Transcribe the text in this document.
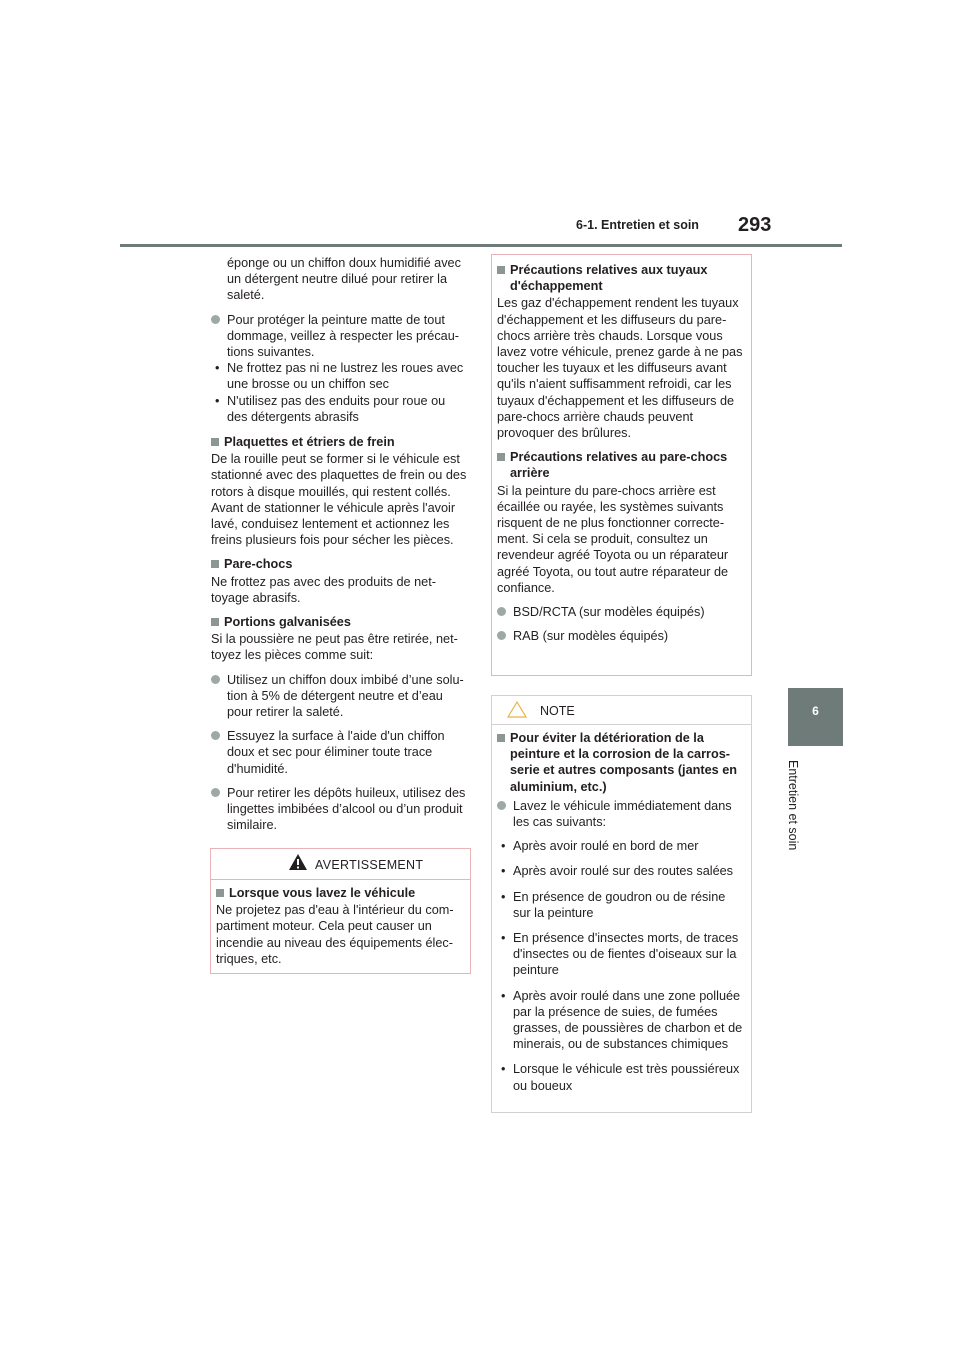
6-1. Entretien et soin 293
6
Entretien et soin

éponge ou un chiffon doux humidifié avec un détergent neutre dilué pour retirer la saleté.

Pour protéger la peinture matte de tout dommage, veillez à respecter les précautions suivantes.
• Ne frottez pas ni ne lustrez les roues avec une brosse ou un chiffon sec
• N'utilisez pas des enduits pour roue ou des détergents abrasifs
Plaquettes et étriers de frein

De la rouille peut se former si le véhicule est stationné avec des plaquettes de frein ou des rotors à disque mouillés, qui restent collés. Avant de stationner le véhicule après l'avoir lavé, conduisez lentement et actionnez les freins plusieurs fois pour sécher les pièces.

Pare-chocs

Ne frottez pas avec des produits de nettoyage abrasifs.

Portions galvanisées

Si la poussière ne peut pas être retirée, nettoyez les pièces comme suit:

Utilisez un chiffon doux imbibé d’une solution à 5% de détergent neutre et d’eau pour retirer la saleté.
Essuyez la surface à l'aide d'un chiffon doux et sec pour éliminer toute trace d'humidité.
Pour retirer les dépôts huileux, utilisez des lingettes imbibées d’alcool ou d’un produit similaire.
AVERTISSEMENT
Lorsque vous lavez le véhicule

Ne projetez pas d'eau à l'intérieur du compartiment moteur. Cela peut causer un incendie au niveau des équipements électriques, etc.

Précautions relatives aux tuyaux d'échappement

Les gaz d'échappement rendent les tuyaux d'échappement et les diffuseurs du pare-chocs arrière très chauds. Lorsque vous lavez votre véhicule, prenez garde à ne pas toucher les tuyaux et les diffuseurs avant qu'ils n'aient suffisamment refroidi, car les tuyaux d'échappement et les diffuseurs de pare-chocs arrière chauds peuvent provoquer des brûlures.

Précautions relatives au pare-chocs arrière

Si la peinture du pare-chocs arrière est écaillée ou rayée, les systèmes suivants risquent de ne plus fonctionner correctement. Si cela se produit, consultez un revendeur agréé Toyota ou un réparateur agréé Toyota, ou tout autre réparateur de confiance.

BSD/RCTA (sur modèles équipés)
RAB (sur modèles équipés)
NOTE
Pour éviter la détérioration de la peinture et la corrosion de la carrosserie et autres composants (jantes en aluminium, etc.)
Lavez le véhicule immédiatement dans les cas suivants:
• Après avoir roulé en bord de mer
• Après avoir roulé sur des routes salées
• En présence de goudron ou de résine sur la peinture
• En présence d'insectes morts, de traces d'insectes ou de fientes d'oiseaux sur la peinture
• Après avoir roulé dans une zone polluée par la présence de suies, de fumées grasses, de poussières de charbon et de minerais, ou de substances chimiques
• Lorsque le véhicule est très poussiéreux ou boueux
